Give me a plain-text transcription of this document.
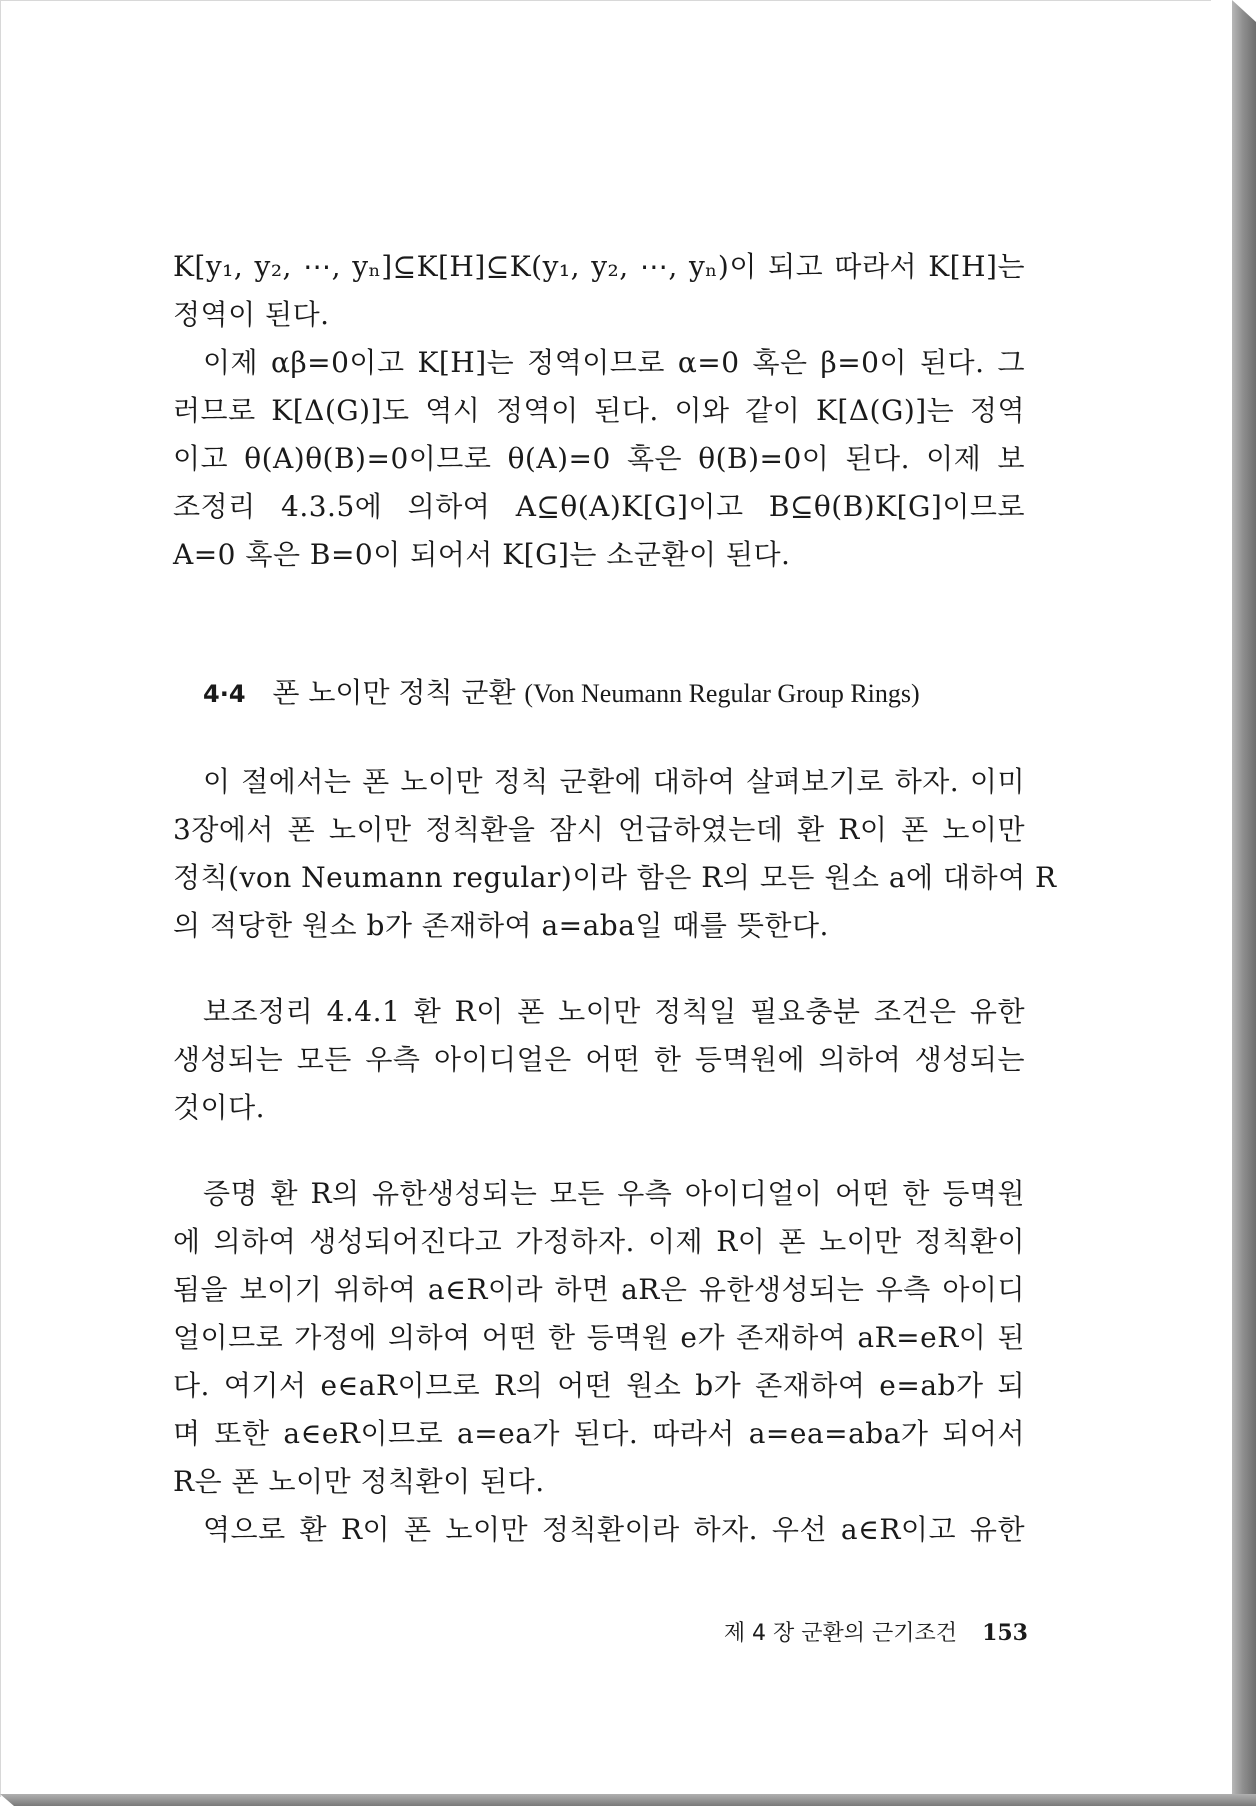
K[y₁, y₂, ⋯, yₙ]⊆K[H]⊆K(y₁, y₂, ⋯, yₙ)이 되고 따라서 K[H]는
정역이 된다.
이제 αβ=0이고 K[H]는 정역이므로 α=0 혹은 β=0이 된다. 그
러므로 K[Δ(G)]도 역시 정역이 된다. 이와 같이 K[Δ(G)]는 정역
이고 θ(A)θ(B)=0이므로 θ(A)=0 혹은 θ(B)=0이 된다. 이제 보
조정리 4.3.5에 의하여 A⊆θ(A)K[G]이고 B⊆θ(B)K[G]이므로
A=0 혹은 B=0이 되어서 K[G]는 소군환이 된다.
4·4 폰 노이만 정칙 군환 (Von Neumann Regular Group Rings)
이 절에서는 폰 노이만 정칙 군환에 대하여 살펴보기로 하자. 이미
3장에서 폰 노이만 정칙환을 잠시 언급하였는데 환 R이 폰 노이만
정칙(von Neumann regular)이라 함은 R의 모든 원소 a에 대하여 R
의 적당한 원소 b가 존재하여 a=aba일 때를 뜻한다.
보조정리 4.4.1 환 R이 폰 노이만 정칙일 필요충분 조건은 유한
생성되는 모든 우측 아이디얼은 어떤 한 등멱원에 의하여 생성되는
것이다.
증명 환 R의 유한생성되는 모든 우측 아이디얼이 어떤 한 등멱원
에 의하여 생성되어진다고 가정하자. 이제 R이 폰 노이만 정칙환이
됨을 보이기 위하여 a∈R이라 하면 aR은 유한생성되는 우측 아이디
얼이므로 가정에 의하여 어떤 한 등멱원 e가 존재하여 aR=eR이 된
다. 여기서 e∈aR이므로 R의 어떤 원소 b가 존재하여 e=ab가 되
며 또한 a∈eR이므로 a=ea가 된다. 따라서 a=ea=aba가 되어서
R은 폰 노이만 정칙환이 된다.
역으로 환 R이 폰 노이만 정칙환이라 하자. 우선 a∈R이고 유한
제 4 장 군환의 근기조건 153
